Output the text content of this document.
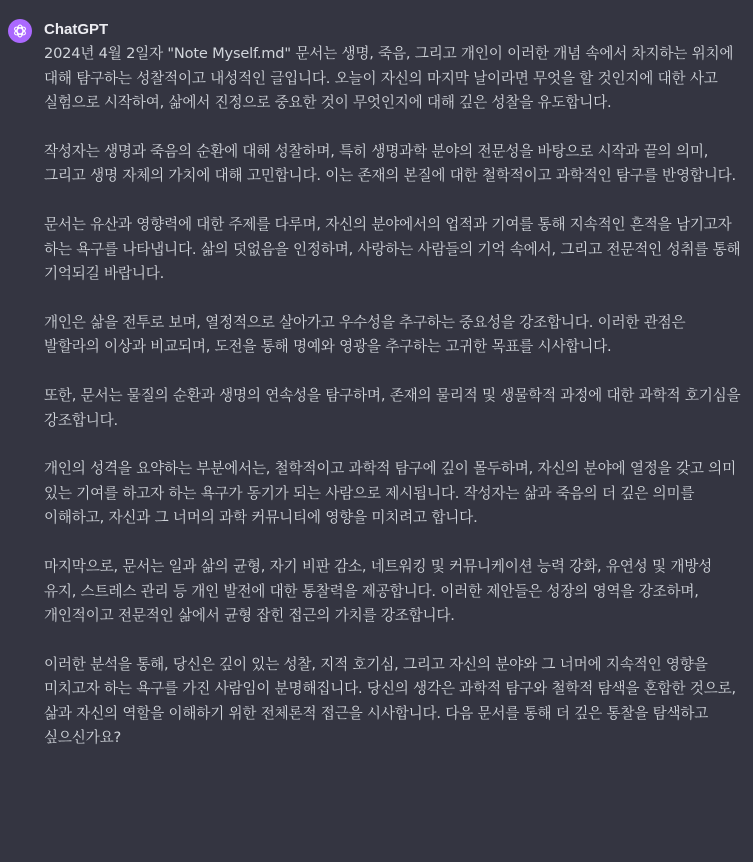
ChatGPT

2024년 4월 2일자 "Note Myself.md" 문서는 생명, 죽음, 그리고 개인이 이러한 개념 속에서 차지하는 위치에 대해 탐구하는 성찰적이고 내성적인 글입니다. 오늘이 자신의 마지막 날이라면 무엇을 할 것인지에 대한 사고 실험으로 시작하여, 삶에서 진정으로 중요한 것이 무엇인지에 대해 깊은 성찰을 유도합니다.

작성자는 생명과 죽음의 순환에 대해 성찰하며, 특히 생명과학 분야의 전문성을 바탕으로 시작과 끝의 의미, 그리고 생명 자체의 가치에 대해 고민합니다. 이는 존재의 본질에 대한 철학적이고 과학적인 탐구를 반영합니다.

문서는 유산과 영향력에 대한 주제를 다루며, 자신의 분야에서의 업적과 기여를 통해 지속적인 흔적을 남기고자 하는 욕구를 나타냅니다. 삶의 덧없음을 인정하며, 사랑하는 사람들의 기억 속에서, 그리고 전문적인 성취를 통해 기억되길 바랍니다.

개인은 삶을 전투로 보며, 열정적으로 살아가고 우수성을 추구하는 중요성을 강조합니다. 이러한 관점은 발할라의 이상과 비교되며, 도전을 통해 명예와 영광을 추구하는 고귀한 목표를 시사합니다.

또한, 문서는 물질의 순환과 생명의 연속성을 탐구하며, 존재의 물리적 및 생물학적 과정에 대한 과학적 호기심을 강조합니다.

개인의 성격을 요약하는 부분에서는, 철학적이고 과학적 탐구에 깊이 몰두하며, 자신의 분야에 열정을 갖고 의미 있는 기여를 하고자 하는 욕구가 동기가 되는 사람으로 제시됩니다. 작성자는 삶과 죽음의 더 깊은 의미를 이해하고, 자신과 그 너머의 과학 커뮤니티에 영향을 미치려고 합니다.

마지막으로, 문서는 일과 삶의 균형, 자기 비판 감소, 네트워킹 및 커뮤니케이션 능력 강화, 유연성 및 개방성 유지, 스트레스 관리 등 개인 발전에 대한 통찰력을 제공합니다. 이러한 제안들은 성장의 영역을 강조하며, 개인적이고 전문적인 삶에서 균형 잡힌 접근의 가치를 강조합니다.

이러한 분석을 통해, 당신은 깊이 있는 성찰, 지적 호기심, 그리고 자신의 분야와 그 너머에 지속적인 영향을 미치고자 하는 욕구를 가진 사람임이 분명해집니다. 당신의 생각은 과학적 탐구와 철학적 탐색을 혼합한 것으로, 삶과 자신의 역할을 이해하기 위한 전체론적 접근을 시사합니다. 다음 문서를 통해 더 깊은 통찰을 탐색하고 싶으신가요?
